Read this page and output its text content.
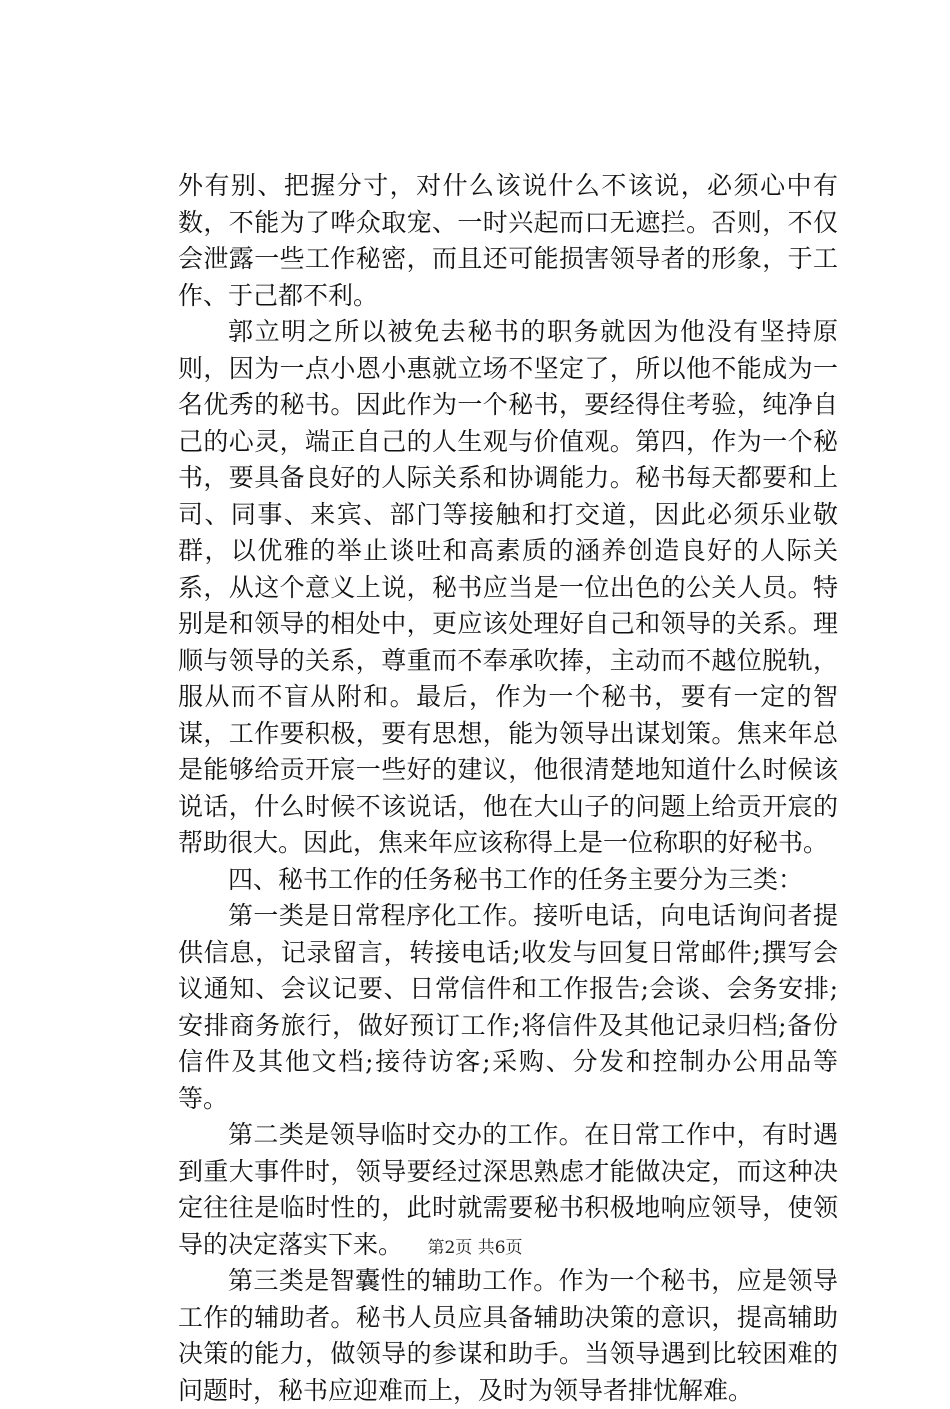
外有别、把握分寸，对什么该说什么不该说，必须心中有数，不能为了哗众取宠、一时兴起而口无遮拦。否则，不仅会泄露一些工作秘密，而且还可能损害领导者的形象，于工作、于己都不利。

郭立明之所以被免去秘书的职务就因为他没有坚持原则，因为一点小恩小惠就立场不坚定了，所以他不能成为一名优秀的秘书。因此作为一个秘书，要经得住考验，纯净自己的心灵，端正自己的人生观与价值观。第四，作为一个秘书，要具备良好的人际关系和协调能力。秘书每天都要和上司、同事、来宾、部门等接触和打交道，因此必须乐业敬群，以优雅的举止谈吐和高素质的涵养创造良好的人际关系，从这个意义上说，秘书应当是一位出色的公关人员。特别是和领导的相处中，更应该处理好自己和领导的关系。理顺与领导的关系，尊重而不奉承吹捧，主动而不越位脱轨，服从而不盲从附和。最后，作为一个秘书，要有一定的智谋，工作要积极，要有思想，能为领导出谋划策。焦来年总是能够给贡开宸一些好的建议，他很清楚地知道什么时候该说话，什么时候不该说话，他在大山子的问题上给贡开宸的帮助很大。因此，焦来年应该称得上是一位称职的好秘书。

四、秘书工作的任务秘书工作的任务主要分为三类：

第一类是日常程序化工作。接听电话，向电话询问者提供信息，记录留言，转接电话;收发与回复日常邮件;撰写会议通知、会议记要、日常信件和工作报告;会谈、会务安排;安排商务旅行，做好预订工作;将信件及其他记录归档;备份信件及其他文档;接待访客;采购、分发和控制办公用品等等。

第二类是领导临时交办的工作。在日常工作中，有时遇到重大事件时，领导要经过深思熟虑才能做决定，而这种决定往往是临时性的，此时就需要秘书积极地响应领导，使领导的决定落实下来。

第三类是智囊性的辅助工作。作为一个秘书，应是领导工作的辅助者。秘书人员应具备辅助决策的意识，提高辅助决策的能力，做领导的参谋和助手。当领导遇到比较困难的问题时，秘书应迎难而上，及时为领导者排忧解难。

第2页 共6页
